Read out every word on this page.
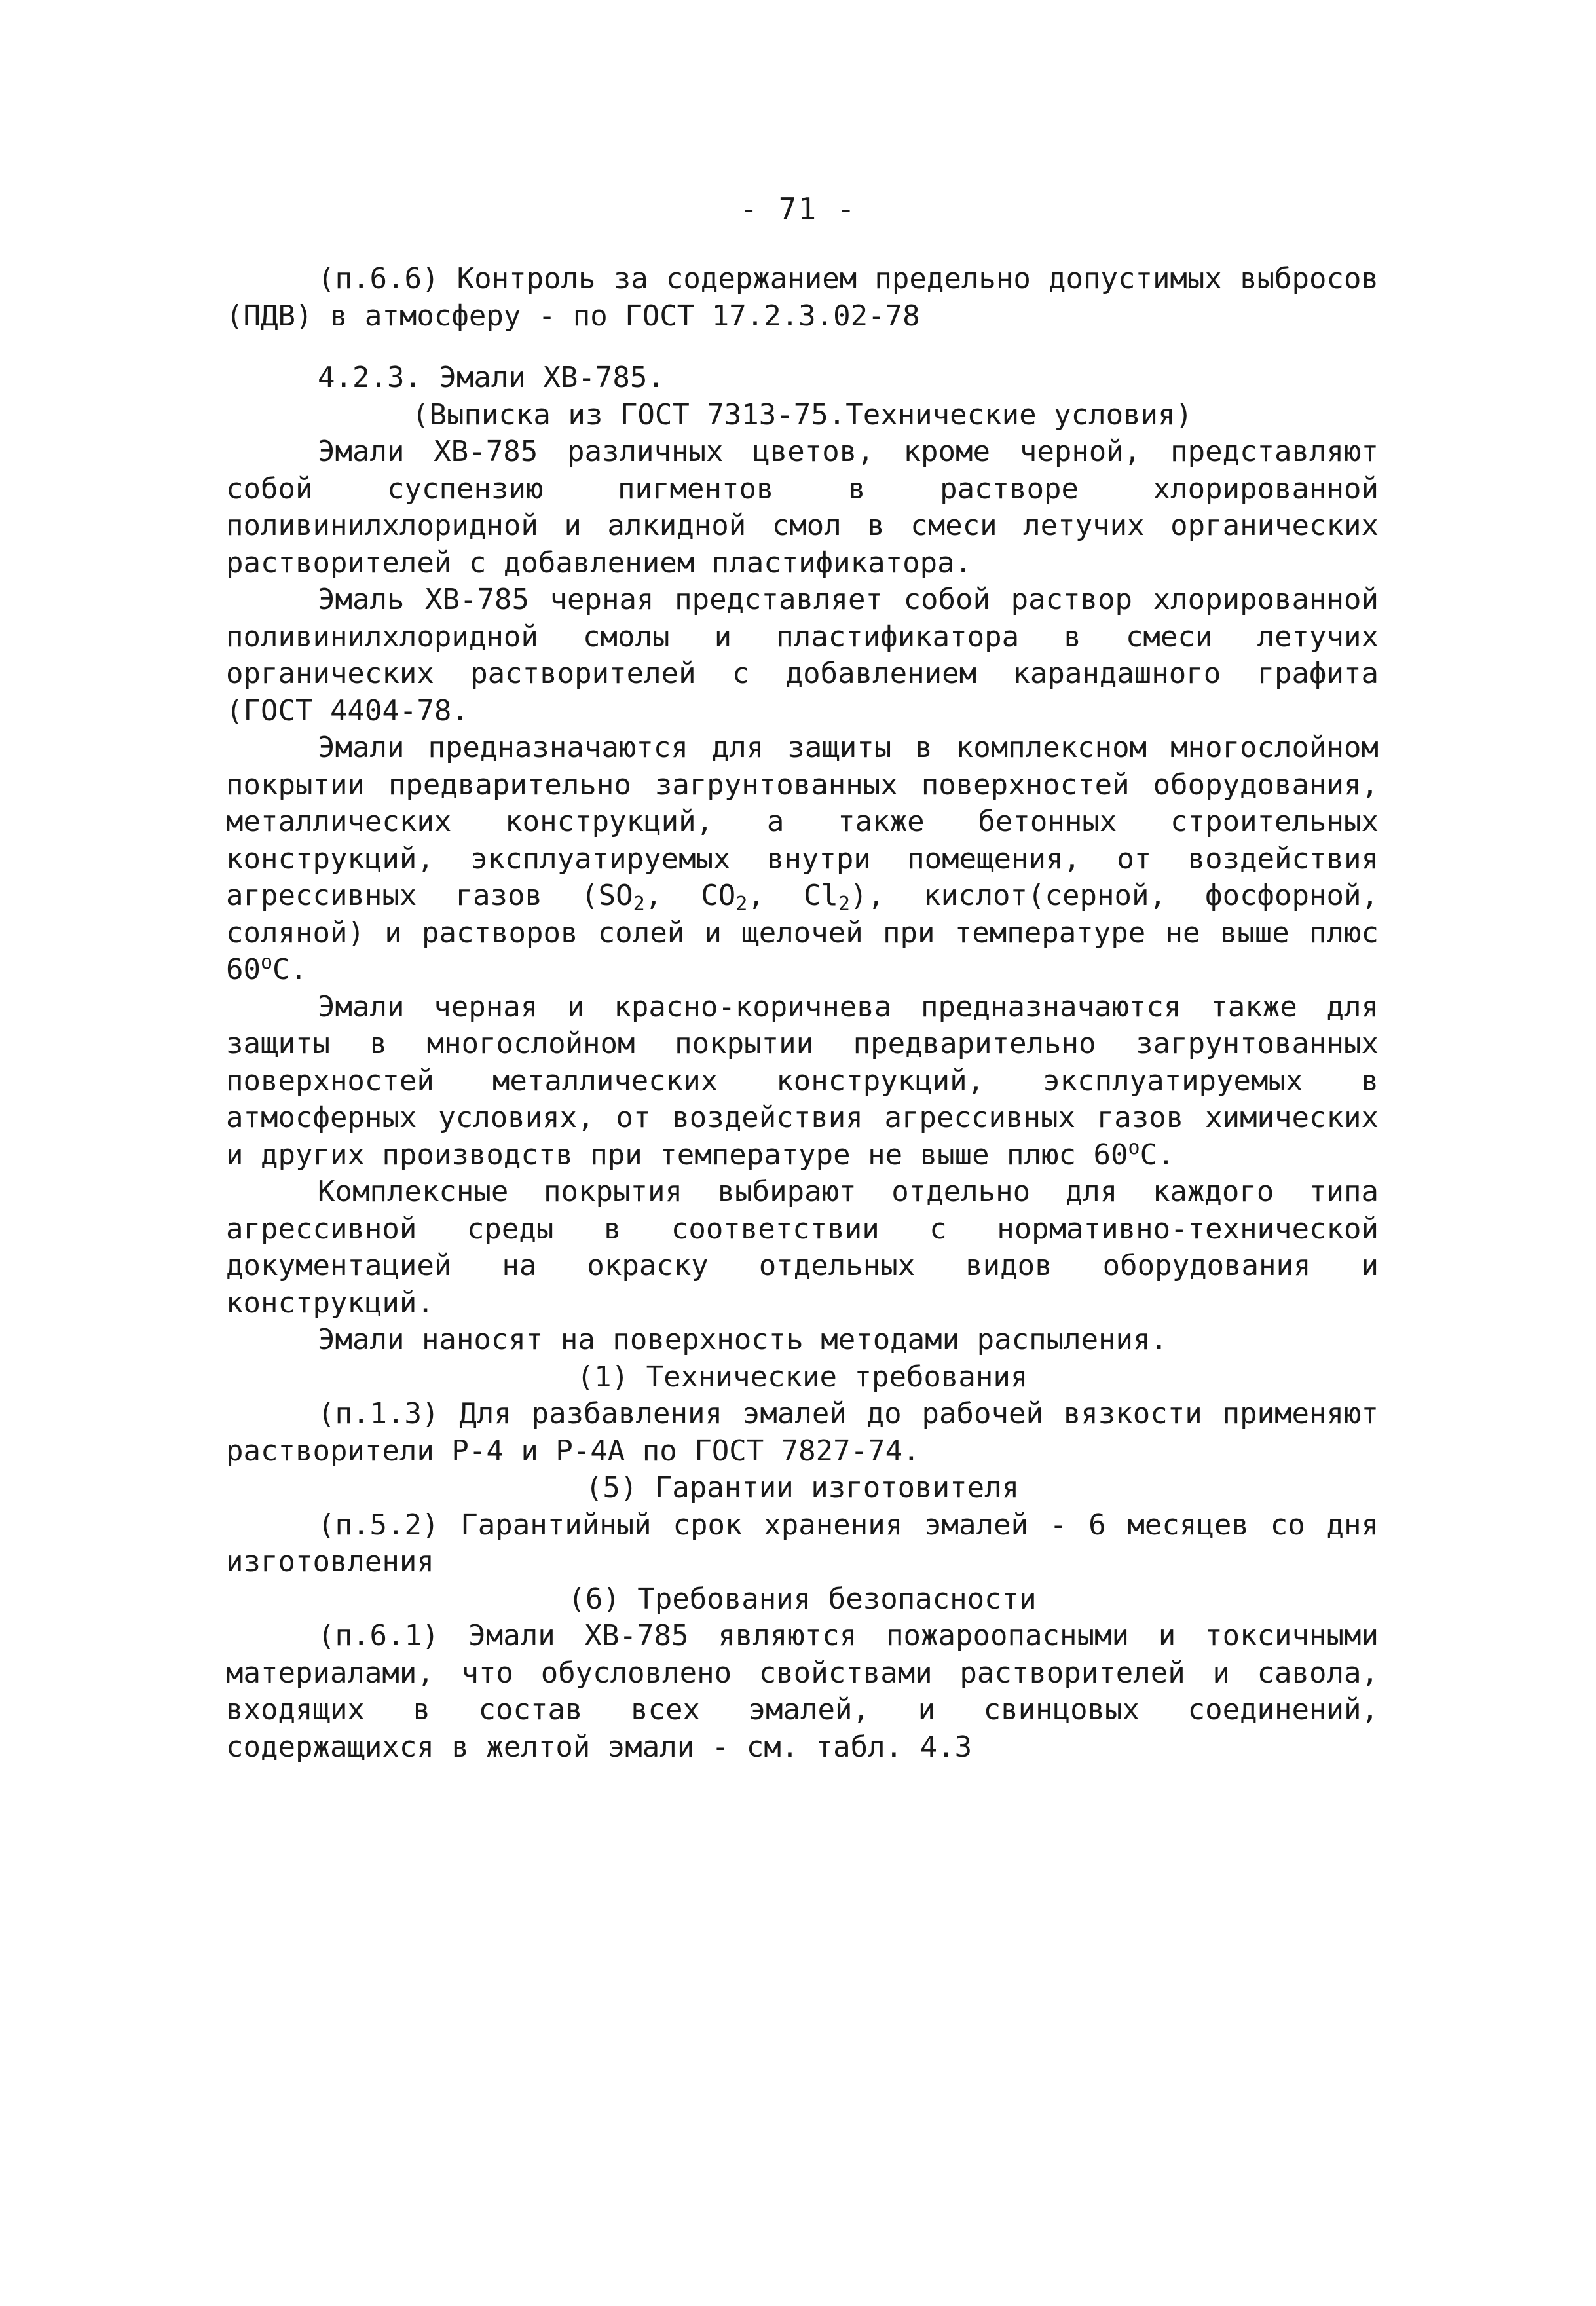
- 71 -

(п.6.6) Контроль за содержанием предельно допустимых выбросов (ПДВ) в атмосферу - по ГОСТ 17.2.3.02-78

4.2.3. Эмали ХВ-785.

(Выписка из ГОСТ 7313-75.Технические условия)

Эмали ХВ-785 различных цветов, кроме черной, представляют собой суспензию пигментов в растворе хлорированной поливинилхлоридной и алкидной смол в смеси летучих органических растворителей с добавлением пластификатора.

Эмаль ХВ-785 черная представляет собой раствор хлорированной поливинилхлоридной смолы и пластификатора в смеси летучих органических растворителей с добавлением карандашного графита (ГОСТ 4404-78.

Эмали предназначаются для защиты в комплексном многослойном покрытии предварительно загрунтованных поверхностей оборудования, металлических конструкций, а также бетонных строительных конструкций, эксплуатируемых внутри помещения, от воздействия агрессивных газов ($SO_2$, $CO_2$, $Cl_2$), кислот(серной, фосфорной, соляной) и растворов солей и щелочей при температуре не выше плюс 60$^o$С.

Эмали черная и красно-коричнева предназначаются также для защиты в многослойном покрытии предварительно загрунтованных поверхностей металлических конструкций, эксплуатируемых в атмосферных условиях, от воздействия агрессивных газов химических и других производств при температуре не выше плюс 60$^o$С.

Комплексные покрытия выбирают отдельно для каждого типа агрессивной среды в соответствии с нормативно-технической документацией на окраску отдельных видов оборудования и конструкций.

Эмали наносят на поверхность методами распыления.

(1) Технические требования

(п.1.3) Для разбавления эмалей до рабочей вязкости применяют растворители Р-4 и Р-4А по ГОСТ 7827-74.

(5) Гарантии изготовителя

(п.5.2) Гарантийный срок хранения эмалей - 6 месяцев со дня изготовления

(6) Требования безопасности

(п.6.1) Эмали ХВ-785 являются пожароопасными и токсичными материалами, что обусловлено свойствами растворителей и савола, входящих в состав всех эмалей, и свинцовых соединений, содержащихся в желтой эмали - см. табл. 4.3
